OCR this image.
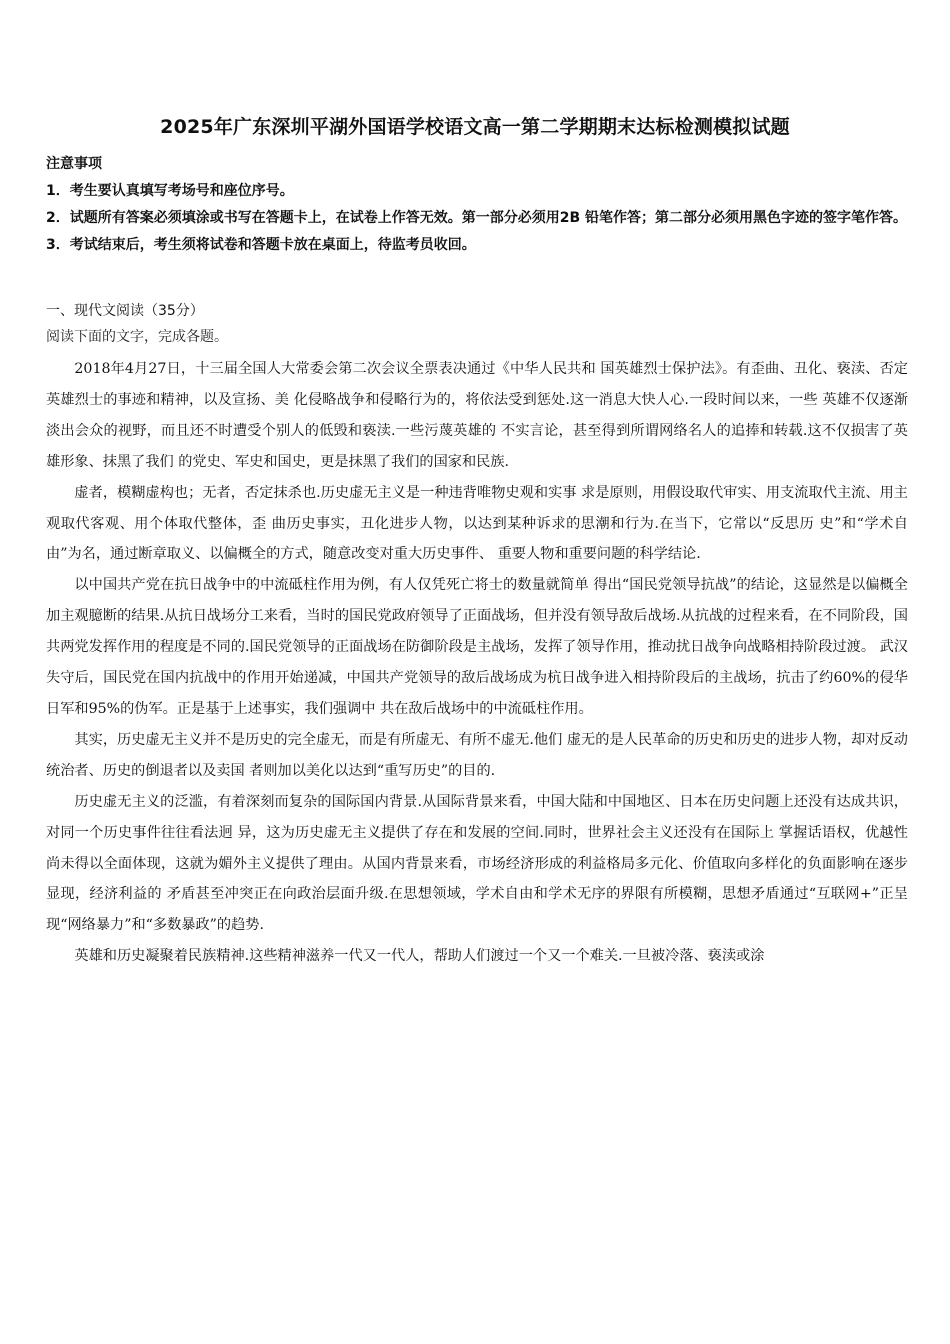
2025年广东深圳平湖外国语学校语文高一第二学期期末达标检测模拟试题
注意事项
1．考生要认真填写考场号和座位序号。
2．试题所有答案必须填涂或书写在答题卡上，在试卷上作答无效。第一部分必须用2B 铅笔作答；第二部分必须用黑色字迹的签字笔作答。
3．考试结束后，考生须将试卷和答题卡放在桌面上，待监考员收回。
一、现代文阅读（35分）
阅读下面的文字，完成各题。

2018年4月27日，十三届全国人大常委会第二次会议全票表决通过《中华人民共和 国英雄烈士保护法》。有歪曲、丑化、亵渎、否定英雄烈士的事迹和精神，以及宣扬、美 化侵略战争和侵略行为的，将依法受到惩处.这一消息大快人心.一段时间以来，一些 英雄不仅逐渐淡出会众的视野，而且还不时遭受个别人的低毁和亵渎.一些污蔑英雄的 不实言论，甚至得到所谓网络名人的追捧和转载.这不仅损害了英雄形象、抹黑了我们 的党史、军史和国史，更是抹黑了我们的国家和民族.

虚者，模糊虚构也；无者，否定抹杀也.历史虚无主义是一种违背唯物史观和实事 求是原则，用假设取代审实、用支流取代主流、用主观取代客观、用个体取代整体，歪 曲历史事实，丑化进步人物，以达到某种诉求的思潮和行为.在当下，它常以“反思历 史”和“学术自由”为名，通过断章取义、以偏概全的方式，随意改变对重大历史事件、 重要人物和重要问题的科学结论.

以中国共产党在抗日战争中的中流砥柱作用为例，有人仅凭死亡将士的数量就简单 得出“国民党领导抗战”的结论，这显然是以偏概全加主观臆断的结果.从抗日战场分工来看，当时的国民党政府领导了正面战场，但并没有领导敌后战场.从抗战的过程来看，在不同阶段，国共两党发挥作用的程度是不同的.国民党领导的正面战场在防御阶段是主战场，发挥了领导作用，推动扰日战争向战略相持阶段过渡。 武汉失守后，国民党在国内抗战中的作用开始递减，中国共产党领导的敌后战场成为杭日战争进入相持阶段后的主战场，抗击了约60%的侵华日军和95%的伪军。正是基于上述事实，我们强调中 共在敌后战场中的中流砥柱作用。

其实，历史虚无主义并不是历史的完全虚无，而是有所虚无、有所不虚无.他们 虚无的是人民革命的历史和历史的进步人物，却对反动统治者、历史的倒退者以及卖国 者则加以美化以达到“重写历史”的目的.

历史虚无主义的泛滥，有着深刻而复杂的国际国内背景.从国际背景来看，中国大陆和中国地区、日本在历史问题上还没有达成共识，对同一个历史事件往往看法迥 异，这为历史虚无主义提供了存在和发展的空间.同时，世界社会主义还没有在国际上 掌握话语权，优越性尚未得以全面体现，这就为媚外主义提供了理由。从国内背景来看，市场经济形成的利益格局多元化、价值取向多样化的负面影响在逐步显现，经济利益的 矛盾甚至冲突正在向政治层面升级.在思想领域，学术自由和学术无序的界限有所模糊，思想矛盾通过“互联网+”正呈现“网络暴力”和“多数暴政”的趋势.

英雄和历史凝聚着民族精神.这些精神滋养一代又一代人，帮助人们渡过一个又一个难关.一旦被冷落、亵渎或涂
